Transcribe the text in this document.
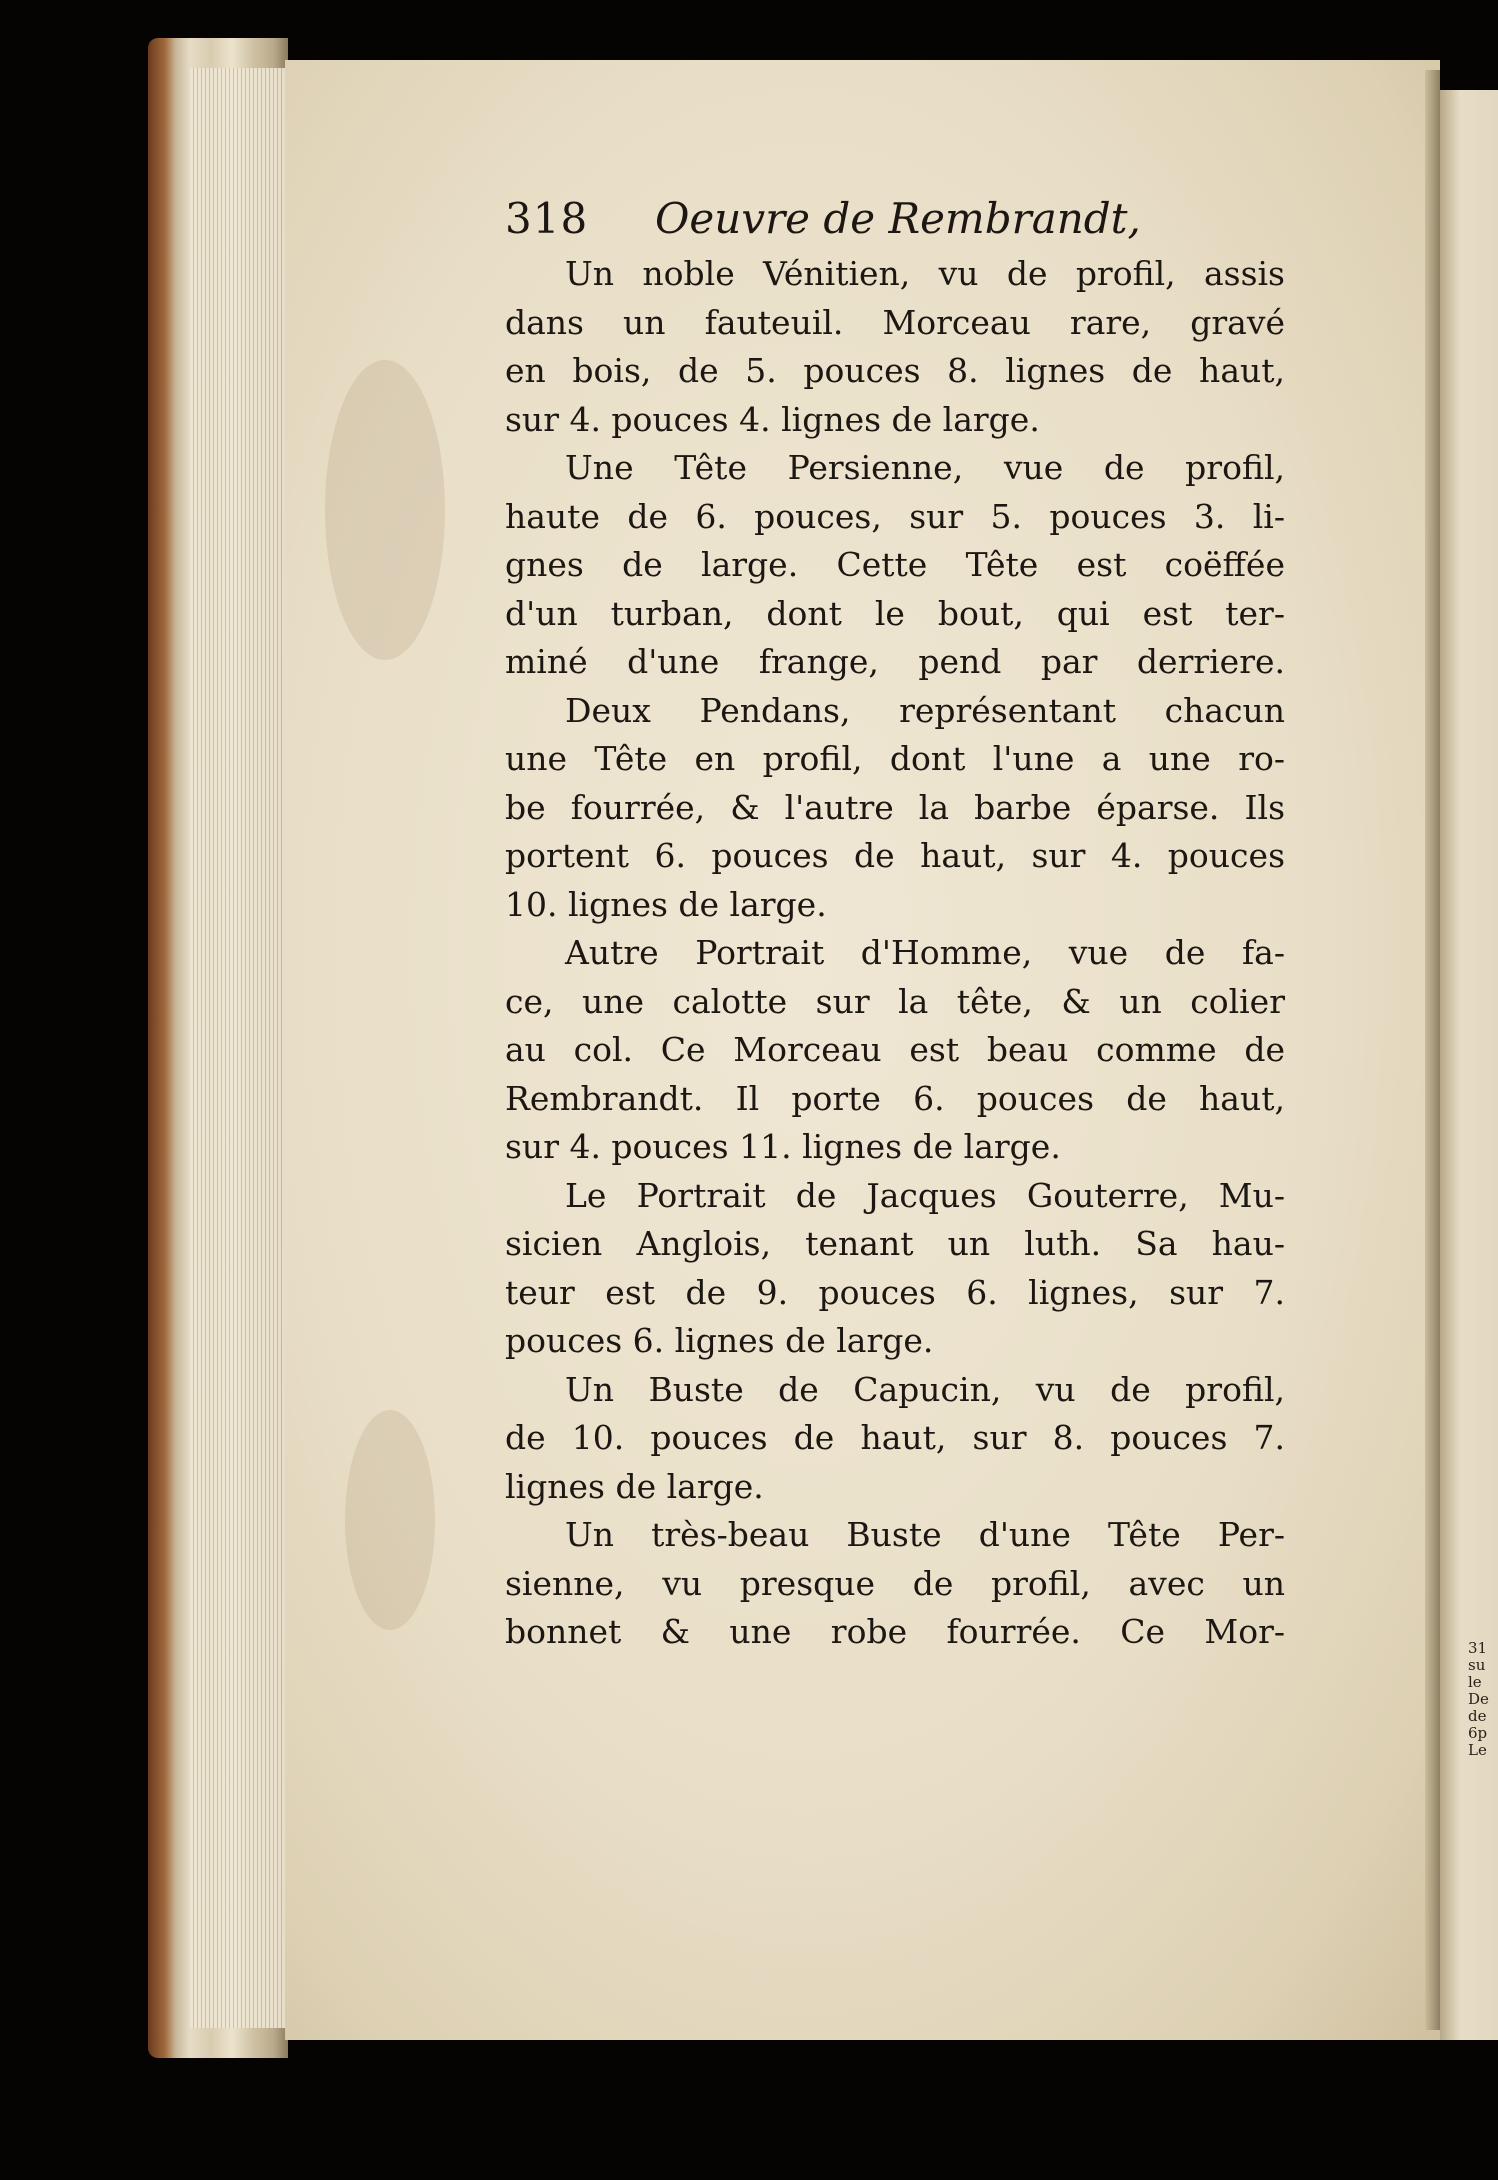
31
su
le
De
de
6p
Le
318 Oeuvre de Rembrandt,
Un noble Vénitien, vu de profil, assis
dans un fauteuil. Morceau rare, gravé
en bois, de 5. pouces 8. lignes de haut,
sur 4. pouces 4. lignes de large.
Une Tête Persienne, vue de profil,
haute de 6. pouces, sur 5. pouces 3. li-
gnes de large. Cette Tête est coëffée
d'un turban, dont le bout, qui est ter-
miné d'une frange, pend par derriere.
Deux Pendans, représentant chacun
une Tête en profil, dont l'une a une ro-
be fourrée, & l'autre la barbe éparse. Ils
portent 6. pouces de haut, sur 4. pouces
10. lignes de large.
Autre Portrait d'Homme, vue de fa-
ce, une calotte sur la tête, & un colier
au col. Ce Morceau est beau comme de
Rembrandt. Il porte 6. pouces de haut,
sur 4. pouces 11. lignes de large.
Le Portrait de Jacques Gouterre, Mu-
sicien Anglois, tenant un luth. Sa hau-
teur est de 9. pouces 6. lignes, sur 7.
pouces 6. lignes de large.
Un Buste de Capucin, vu de profil,
de 10. pouces de haut, sur 8. pouces 7.
lignes de large.
Un très-beau Buste d'une Tête Per-
sienne, vu presque de profil, avec un
bonnet & une robe fourrée. Ce Mor-
